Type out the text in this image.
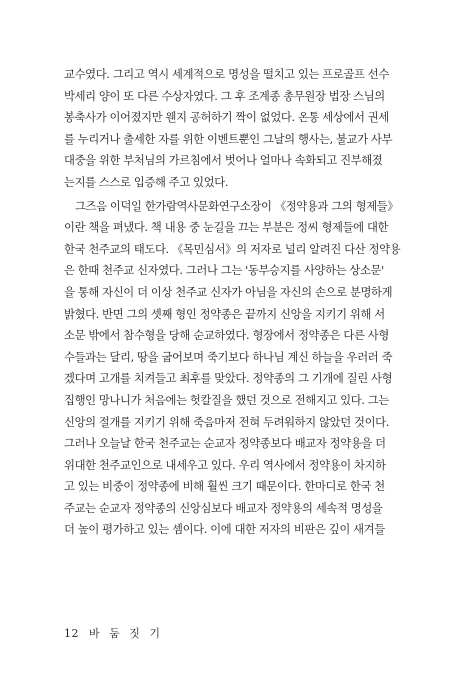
교수였다. 그리고 역시 세계적으로 명성을 떨치고 있는 프로골프 선수
박세리 양이 또 다른 수상자였다. 그 후 조계종 총무원장 법장 스님의
봉축사가 이어졌지만 웬지 공허하기 짝이 없었다. 온통 세상에서 권세
를 누리거나 출세한 자를 위한 이벤트뿐인 그날의 행사는, 불교가 사부
대중을 위한 부처님의 가르침에서 벗어나 얼마나 속화되고 진부해졌
는지를 스스로 입증해 주고 있었다.
그즈음 이덕일 한가람역사문화연구소장이 《정약용과 그의 형제들》
이란 책을 펴냈다. 책 내용 중 눈길을 끄는 부분은 정씨 형제들에 대한
한국 천주교의 태도다. 《목민심서》의 저자로 널리 알려진 다산 정약용
은 한때 천주교 신자였다. 그러나 그는 '동부승지를 사양하는 상소문'
을 통해 자신이 더 이상 천주교 신자가 아님을 자신의 손으로 분명하게
밝혔다. 반면 그의 셋째 형인 정약종은 끝까지 신앙을 지키기 위해 서
소문 밖에서 참수형을 당해 순교하였다. 형장에서 정약종은 다른 사형
수들과는 달리, 땅을 굽어보며 죽기보다 하나님 계신 하늘을 우러러 죽
겠다며 고개를 치켜들고 최후를 맞았다. 정약종의 그 기개에 질린 사형
집행인 망나니가 처음에는 헛칼질을 했던 것으로 전해지고 있다. 그는
신앙의 절개를 지키기 위해 죽음마저 전혀 두려워하지 않았던 것이다.
그러나 오늘날 한국 천주교는 순교자 정약종보다 배교자 정약용을 더
위대한 천주교인으로 내세우고 있다. 우리 역사에서 정약용이 차지하
고 있는 비중이 정약종에 비해 훨씬 크기 때문이다. 한마디로 한국 천
주교는 순교자 정약종의 신앙심보다 배교자 정약용의 세속적 명성을
더 높이 평가하고 있는 셈이다. 이에 대한 저자의 비판은 깊이 새겨들
12 바 둠 짓 기
